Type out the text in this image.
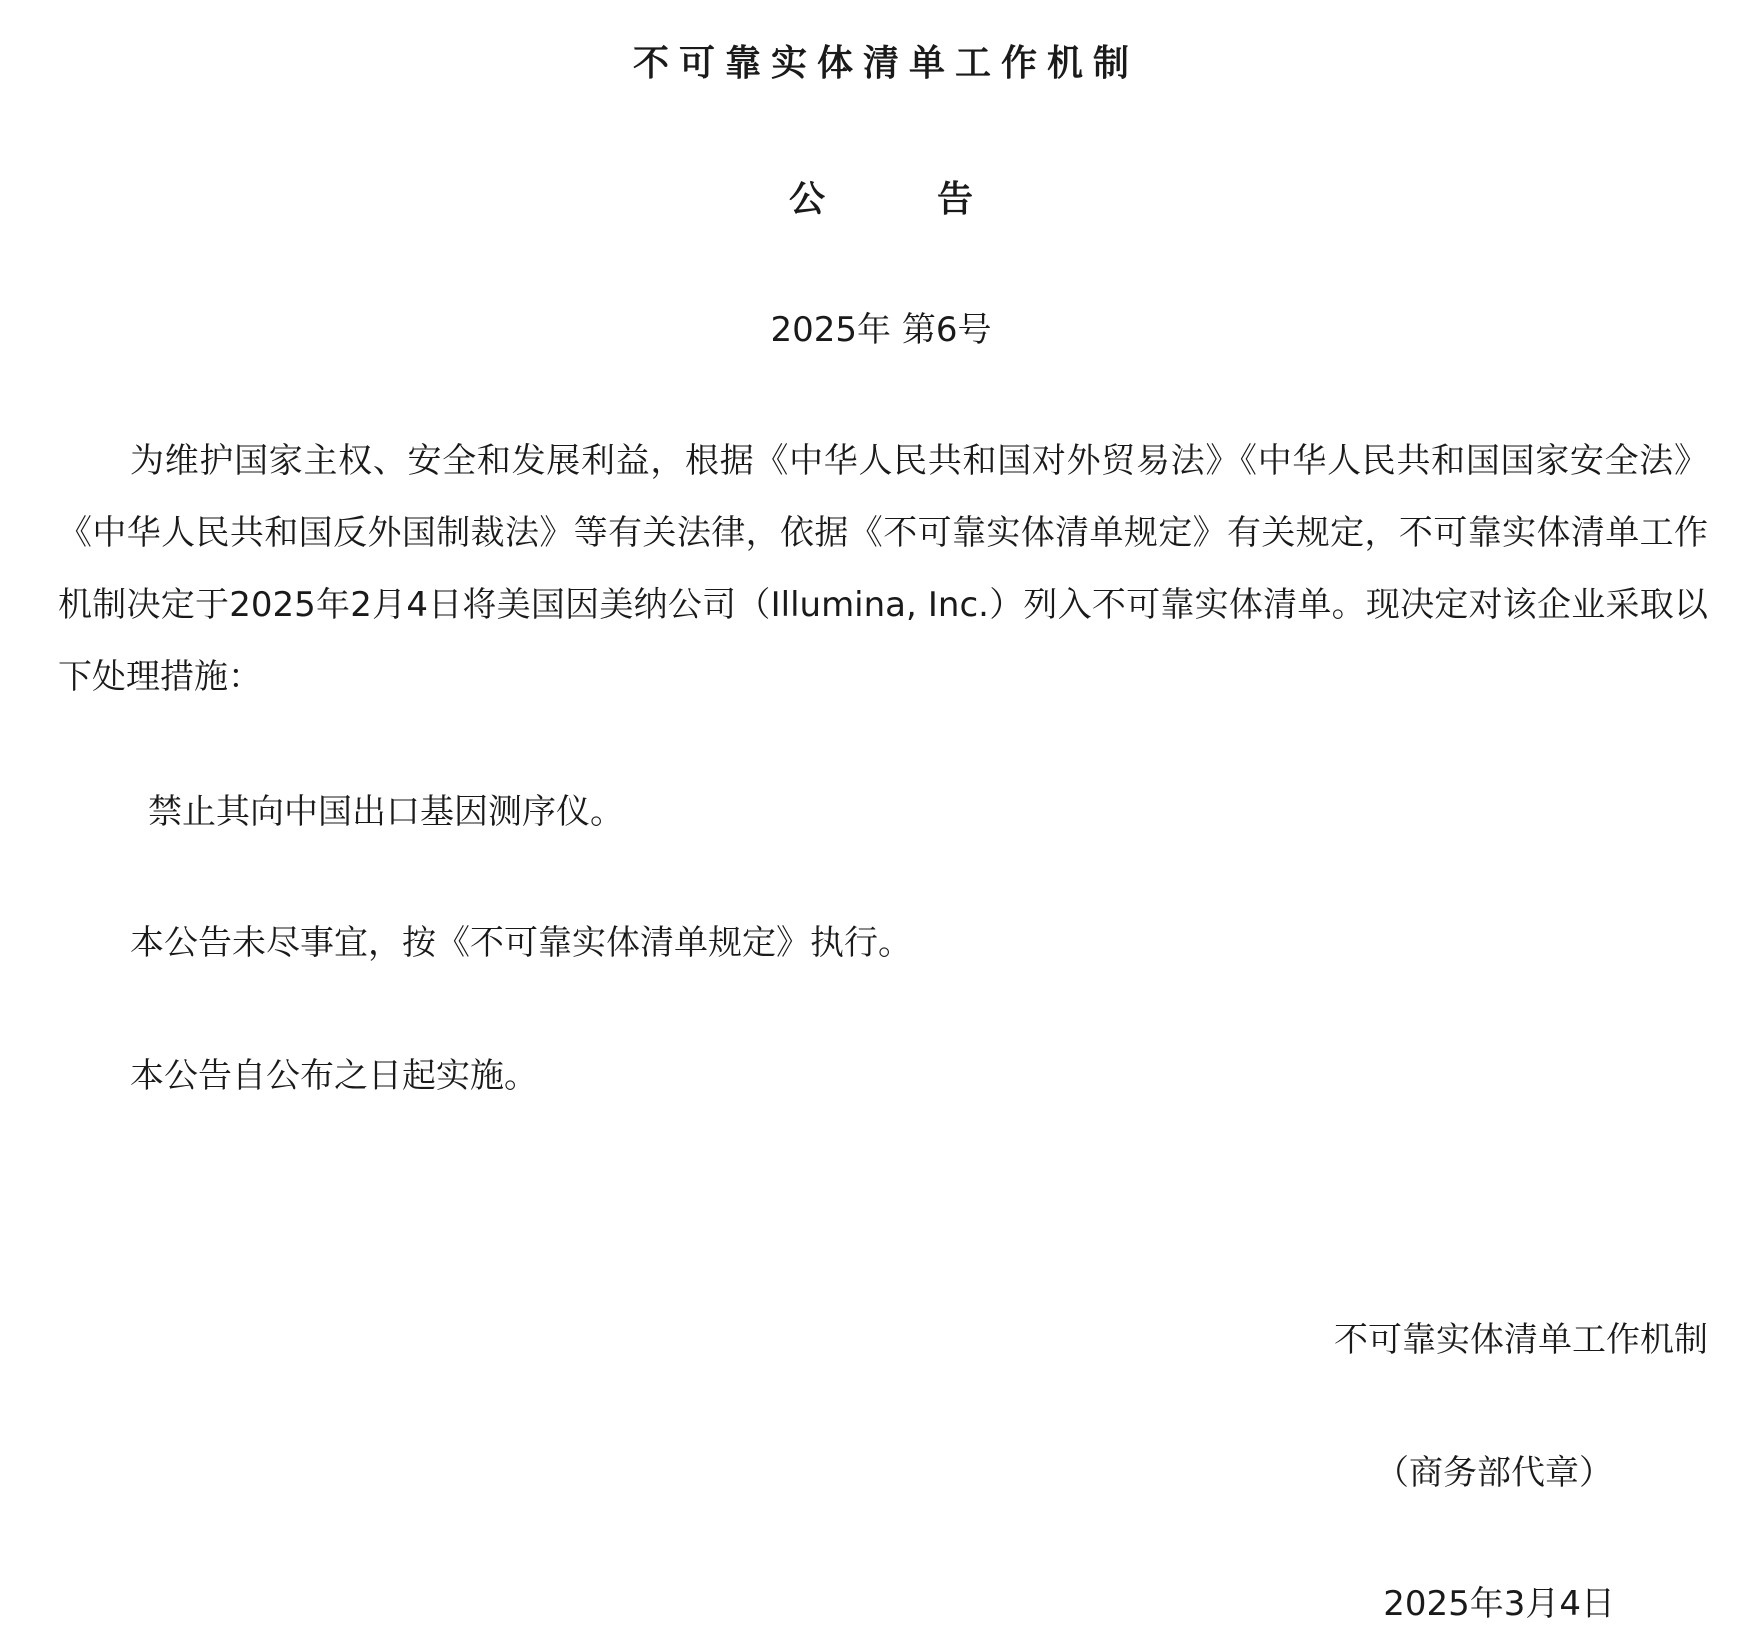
不可靠实体清单工作机制
公告
2025年 第6号

为维护国家主权、安全和发展利益，根据《中华人民共和国对外贸易法》《中华人民共和国国家安全法》《中华人民共和国反外国制裁法》等有关法律，依据《不可靠实体清单规定》有关规定，不可靠实体清单工作机制决定于2025年2月4日将美国因美纳公司（Illumina, Inc.）列入不可靠实体清单。现决定对该企业采取以下处理措施：

禁止其向中国出口基因测序仪。
本公告未尽事宜，按《不可靠实体清单规定》执行。
本公告自公布之日起实施。
不可靠实体清单工作机制
（商务部代章）
2025年3月4日
